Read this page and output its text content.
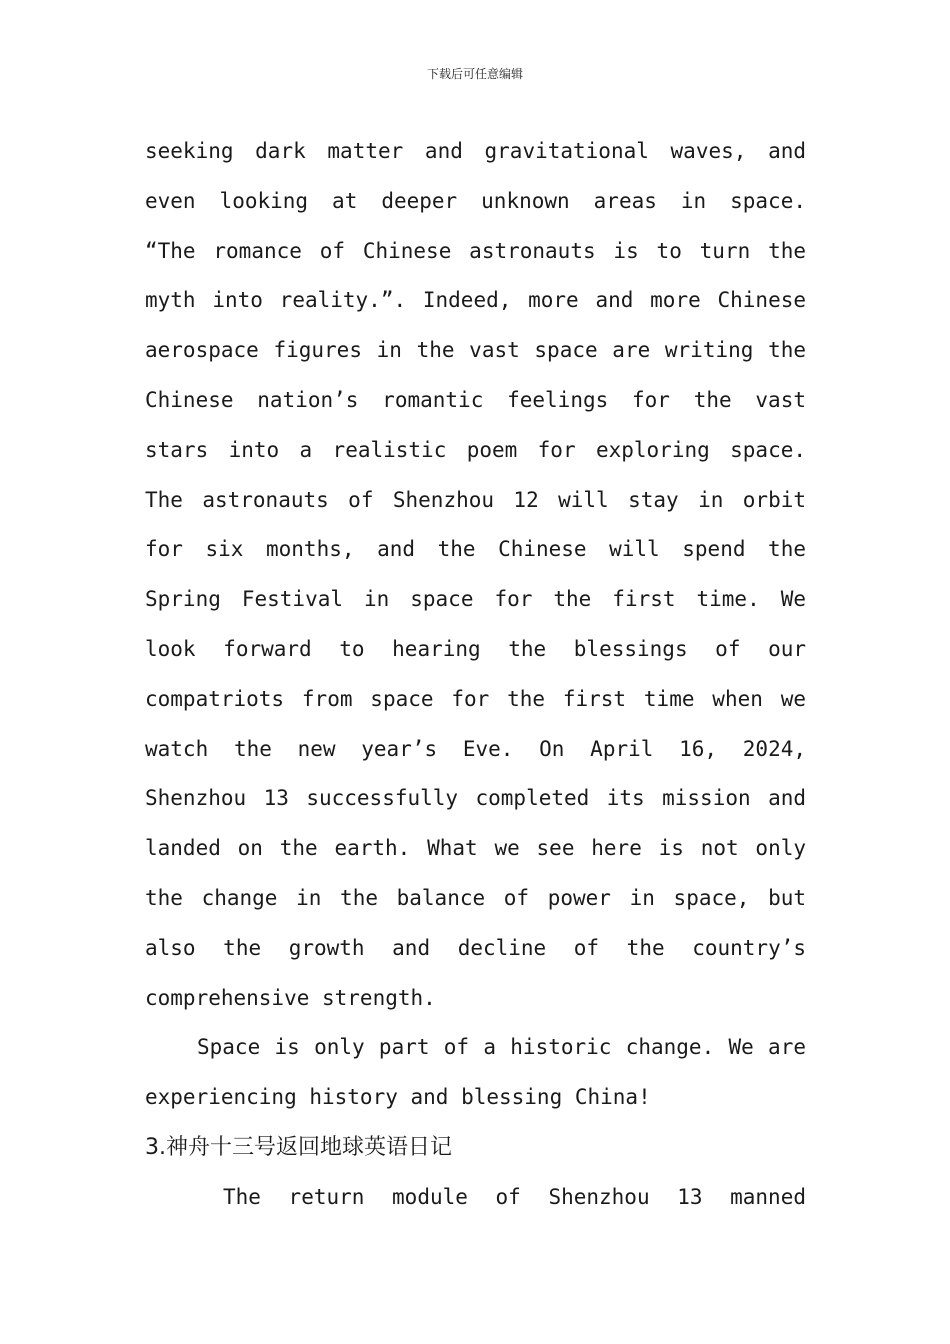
下载后可任意编辑
seeking dark matter and gravitational waves, and
even looking at deeper unknown areas in space.
“The romance of Chinese astronauts is to turn the
myth into reality.”. Indeed, more and more Chinese
aerospace figures in the vast space are writing the
Chinese nation’s romantic feelings for the vast
stars into a realistic poem for exploring space.
The astronauts of Shenzhou 12 will stay in orbit
for six months, and the Chinese will spend the
Spring Festival in space for the first time. We
look forward to hearing the blessings of our
compatriots from space for the first time when we
watch the new year’s Eve. On April 16, 2024,
Shenzhou 13 successfully completed its mission and
landed on the earth. What we see here is not only
the change in the balance of power in space, but
also the growth and decline of the country’s
comprehensive strength.
Space is only part of a historic change. We are
experiencing history and blessing China!
3.神舟十三号返回地球英语日记
The return module of Shenzhou 13 manned
